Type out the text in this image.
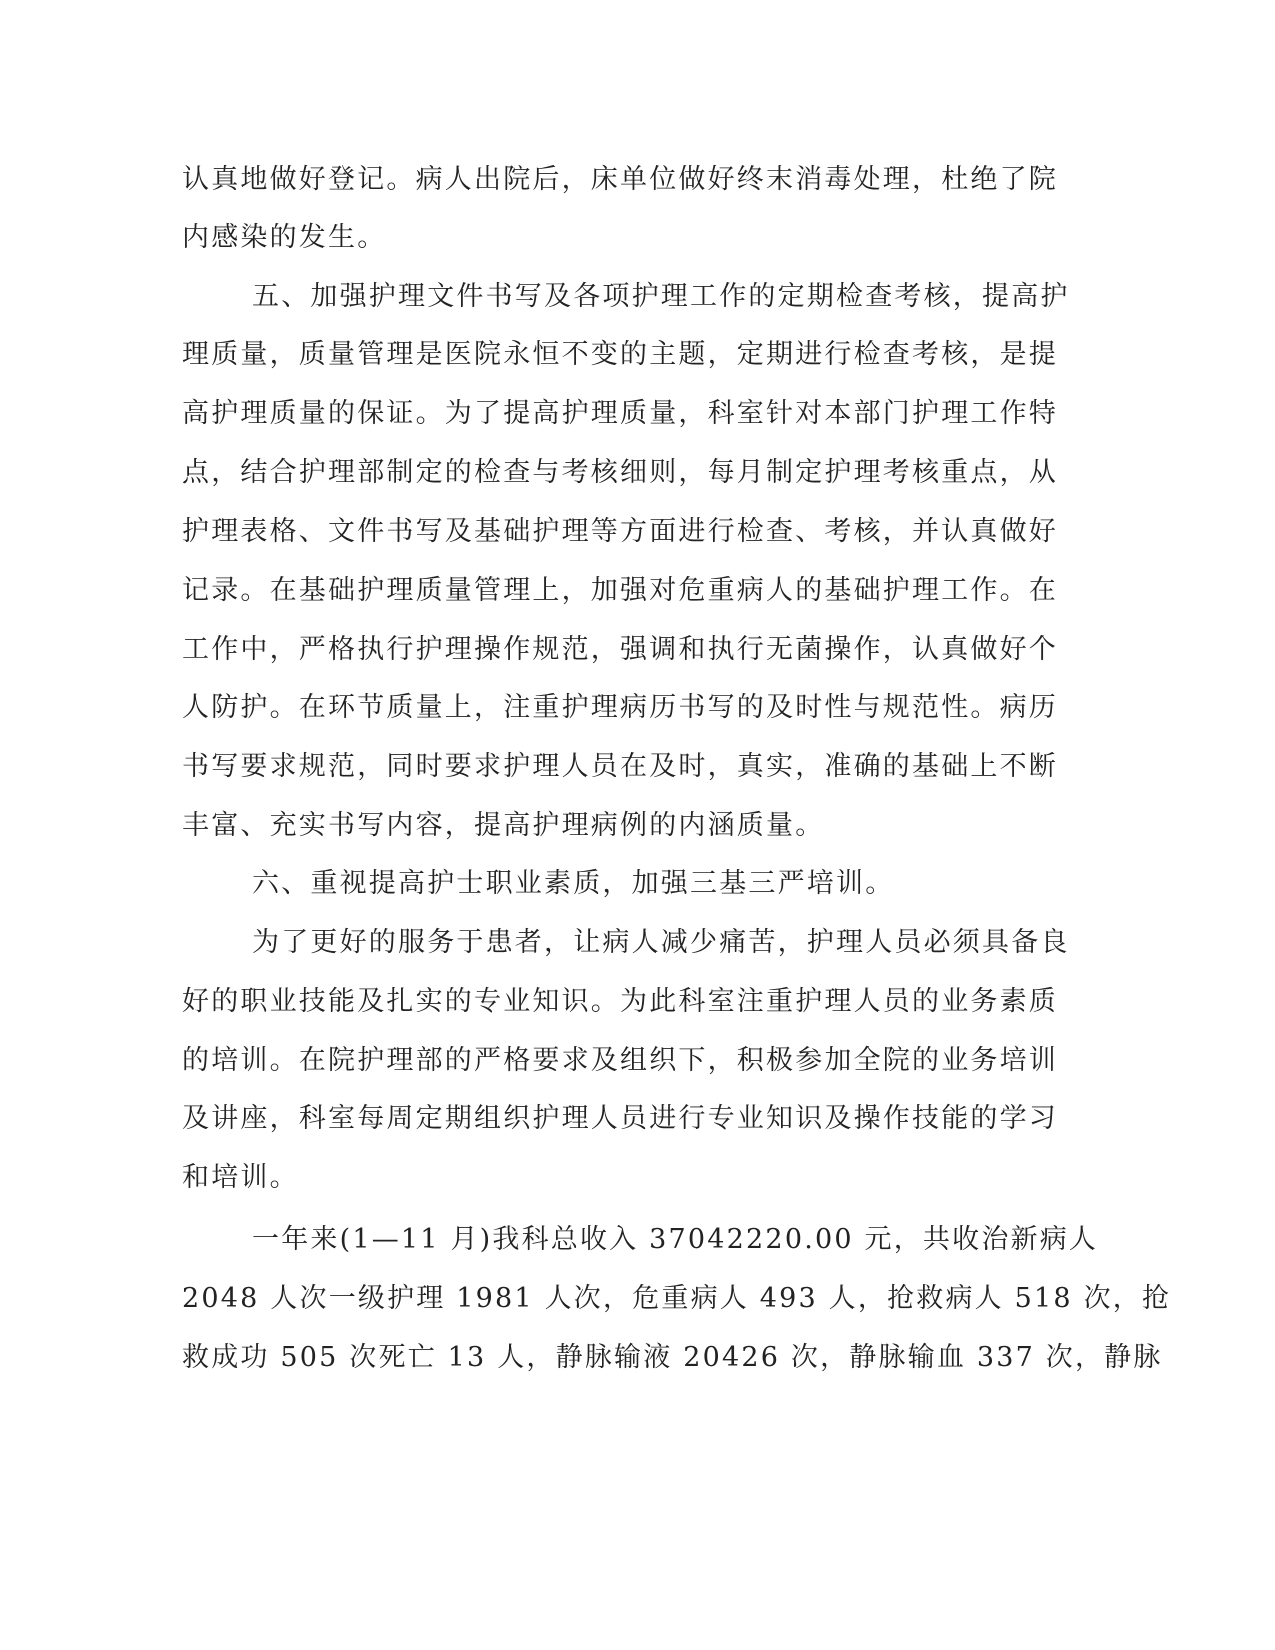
认真地做好登记。病人出院后，床单位做好终末消毒处理，杜绝了院
内感染的发生。
五、加强护理文件书写及各项护理工作的定期检查考核，提高护
理质量，质量管理是医院永恒不变的主题，定期进行检查考核，是提
高护理质量的保证。为了提高护理质量，科室针对本部门护理工作特
点，结合护理部制定的检查与考核细则，每月制定护理考核重点，从
护理表格、文件书写及基础护理等方面进行检查、考核，并认真做好
记录。在基础护理质量管理上，加强对危重病人的基础护理工作。在
工作中，严格执行护理操作规范，强调和执行无菌操作，认真做好个
人防护。在环节质量上，注重护理病历书写的及时性与规范性。病历
书写要求规范，同时要求护理人员在及时，真实，准确的基础上不断
丰富、充实书写内容，提高护理病例的内涵质量。
六、重视提高护士职业素质，加强三基三严培训。
为了更好的服务于患者，让病人减少痛苦，护理人员必须具备良
好的职业技能及扎实的专业知识。为此科室注重护理人员的业务素质
的培训。在院护理部的严格要求及组织下，积极参加全院的业务培训
及讲座，科室每周定期组织护理人员进行专业知识及操作技能的学习
和培训。
一年来(1—11 月)我科总收入 37042220.00 元，共收治新病人
2048 人次一级护理 1981 人次，危重病人 493 人，抢救病人 518 次，抢
救成功 505 次死亡 13 人，静脉输液 20426 次，静脉输血 337 次，静脉
